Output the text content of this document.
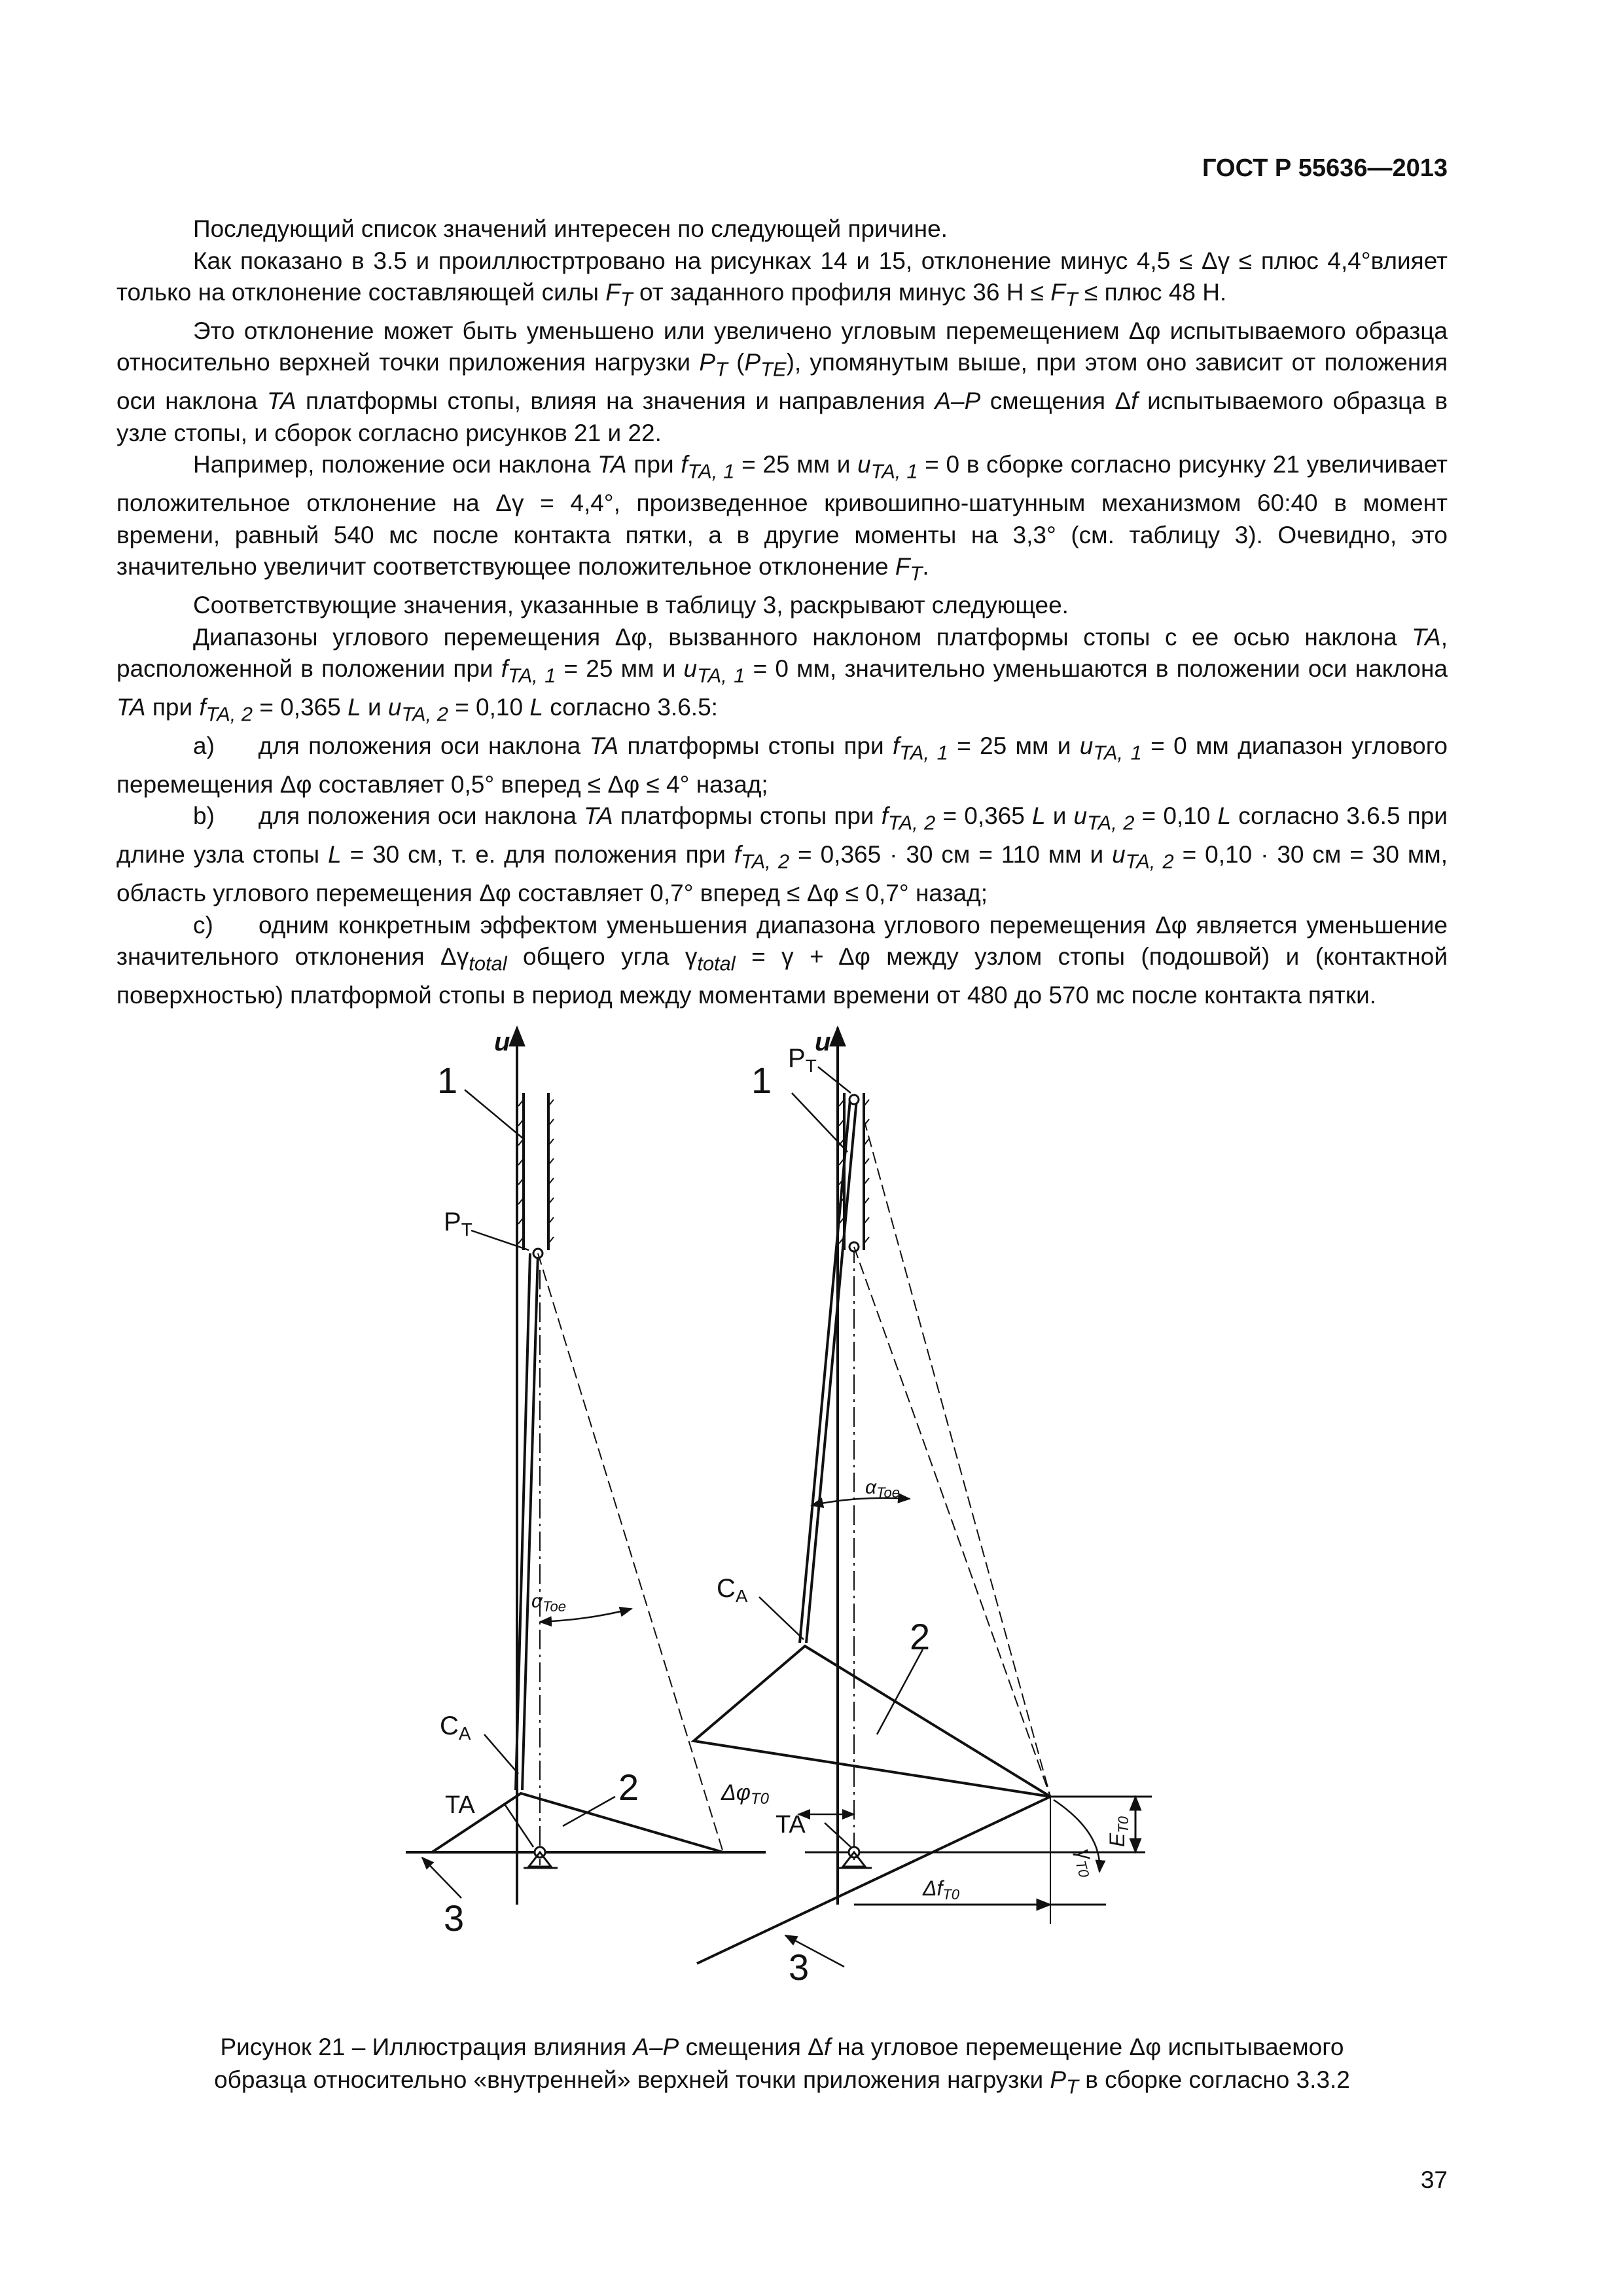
ГОСТ Р 55636—2013

Последующий список значений интересен по следующей причине.

Как показано в 3.5 и проиллюстртровано на рисунках 14 и 15, отклонение минус 4,5 ≤ Δγ ≤ плюс 4,4°влияет только на отклонение составляющей силы $F_T$ от заданного профиля минус 36 $Н \le F_T$ ≤ плюс 48 Н.

Это отклонение может быть уменьшено или увеличено угловым перемещением Δφ испытываемого образца относительно верхней точки приложения нагрузки $P_T$ $(P_{TE})$, упомянутым выше, при этом оно зависит от положения оси наклона TA платформы стопы, влияя на значения и направления A–P смещения Δf испытываемого образца в узле стопы, и сборок согласно рисунков 21 и 22.

Например, положение оси наклона TA при $f_{TA, 1} = 25$ мм и $u_{TA, 1} = 0$ в сборке согласно рисунку 21 увеличивает положительное отклонение на Δγ = 4,4°, произведенное кривошипно-шатунным механизмом 60:40 в момент времени, равный 540 мс после контакта пятки, а в другие моменты на 3,3° (см. таблицу 3). Очевидно, это значительно увеличит соответствующее положительное отклонение $F_T$.

Соответствующие значения, указанные в таблицу 3, раскрывают следующее.

Диапазоны углового перемещения Δφ, вызванного наклоном платформы стопы с ее осью наклона TA, расположенной в положении при $f_{TA, 1} = 25$ мм и $u_{TA, 1} = 0$ мм, значительно уменьшаются в положении оси наклона TA при $f_{TA, 2} = 0,365$ L и $u_{TA, 2} = 0,10$ L согласно 3.6.5:

a) для положения оси наклона TA платформы стопы при $f_{TA, 1} = 25$ мм и $u_{TA, 1} = 0$ мм диапазон углового перемещения Δφ составляет 0,5° вперед ≤ Δφ ≤ 4° назад;

b) для положения оси наклона TA платформы стопы при $f_{TA, 2} = 0,365$ L и $u_{TA, 2} = 0,10$ L согласно 3.6.5 при длине узла стопы L = 30 см, т. е. для положения при $f_{TA, 2} = 0,365 \cdot 30$ см = 110 мм и $u_{TA, 2} = 0,10 \cdot 30$ см = 30 мм, область углового перемещения Δφ составляет 0,7° вперед ≤ Δφ ≤ 0,7° назад;

c) одним конкретным эффектом уменьшения диапазона углового перемещения Δφ является уменьшение значительного отклонения $\Delta\gamma_{total}$ общего угла $\gamma_{total} = \gamma + \Delta\varphi$ между узлом стопы (подошвой) и (контактной поверхностью) платформой стопы в период между моментами времени от 480 до 570 мс после контакта пятки.

u
1
$P_T$
$\alpha_{Toe}$
2
$C_A$
TA
3
u
$P_T$
1
$\alpha_{Toe}$
$C_A$
2
ΔφT0
TA
γT0
ET0
ΔfT0
3
Рисунок 21 – Иллюстрация влияния A–P смещения Δf на угловое перемещение Δφ испытываемого
образца относительно «внутренней» верхней точки приложения нагрузки $P_T$ в сборке согласно 3.3.2
37
